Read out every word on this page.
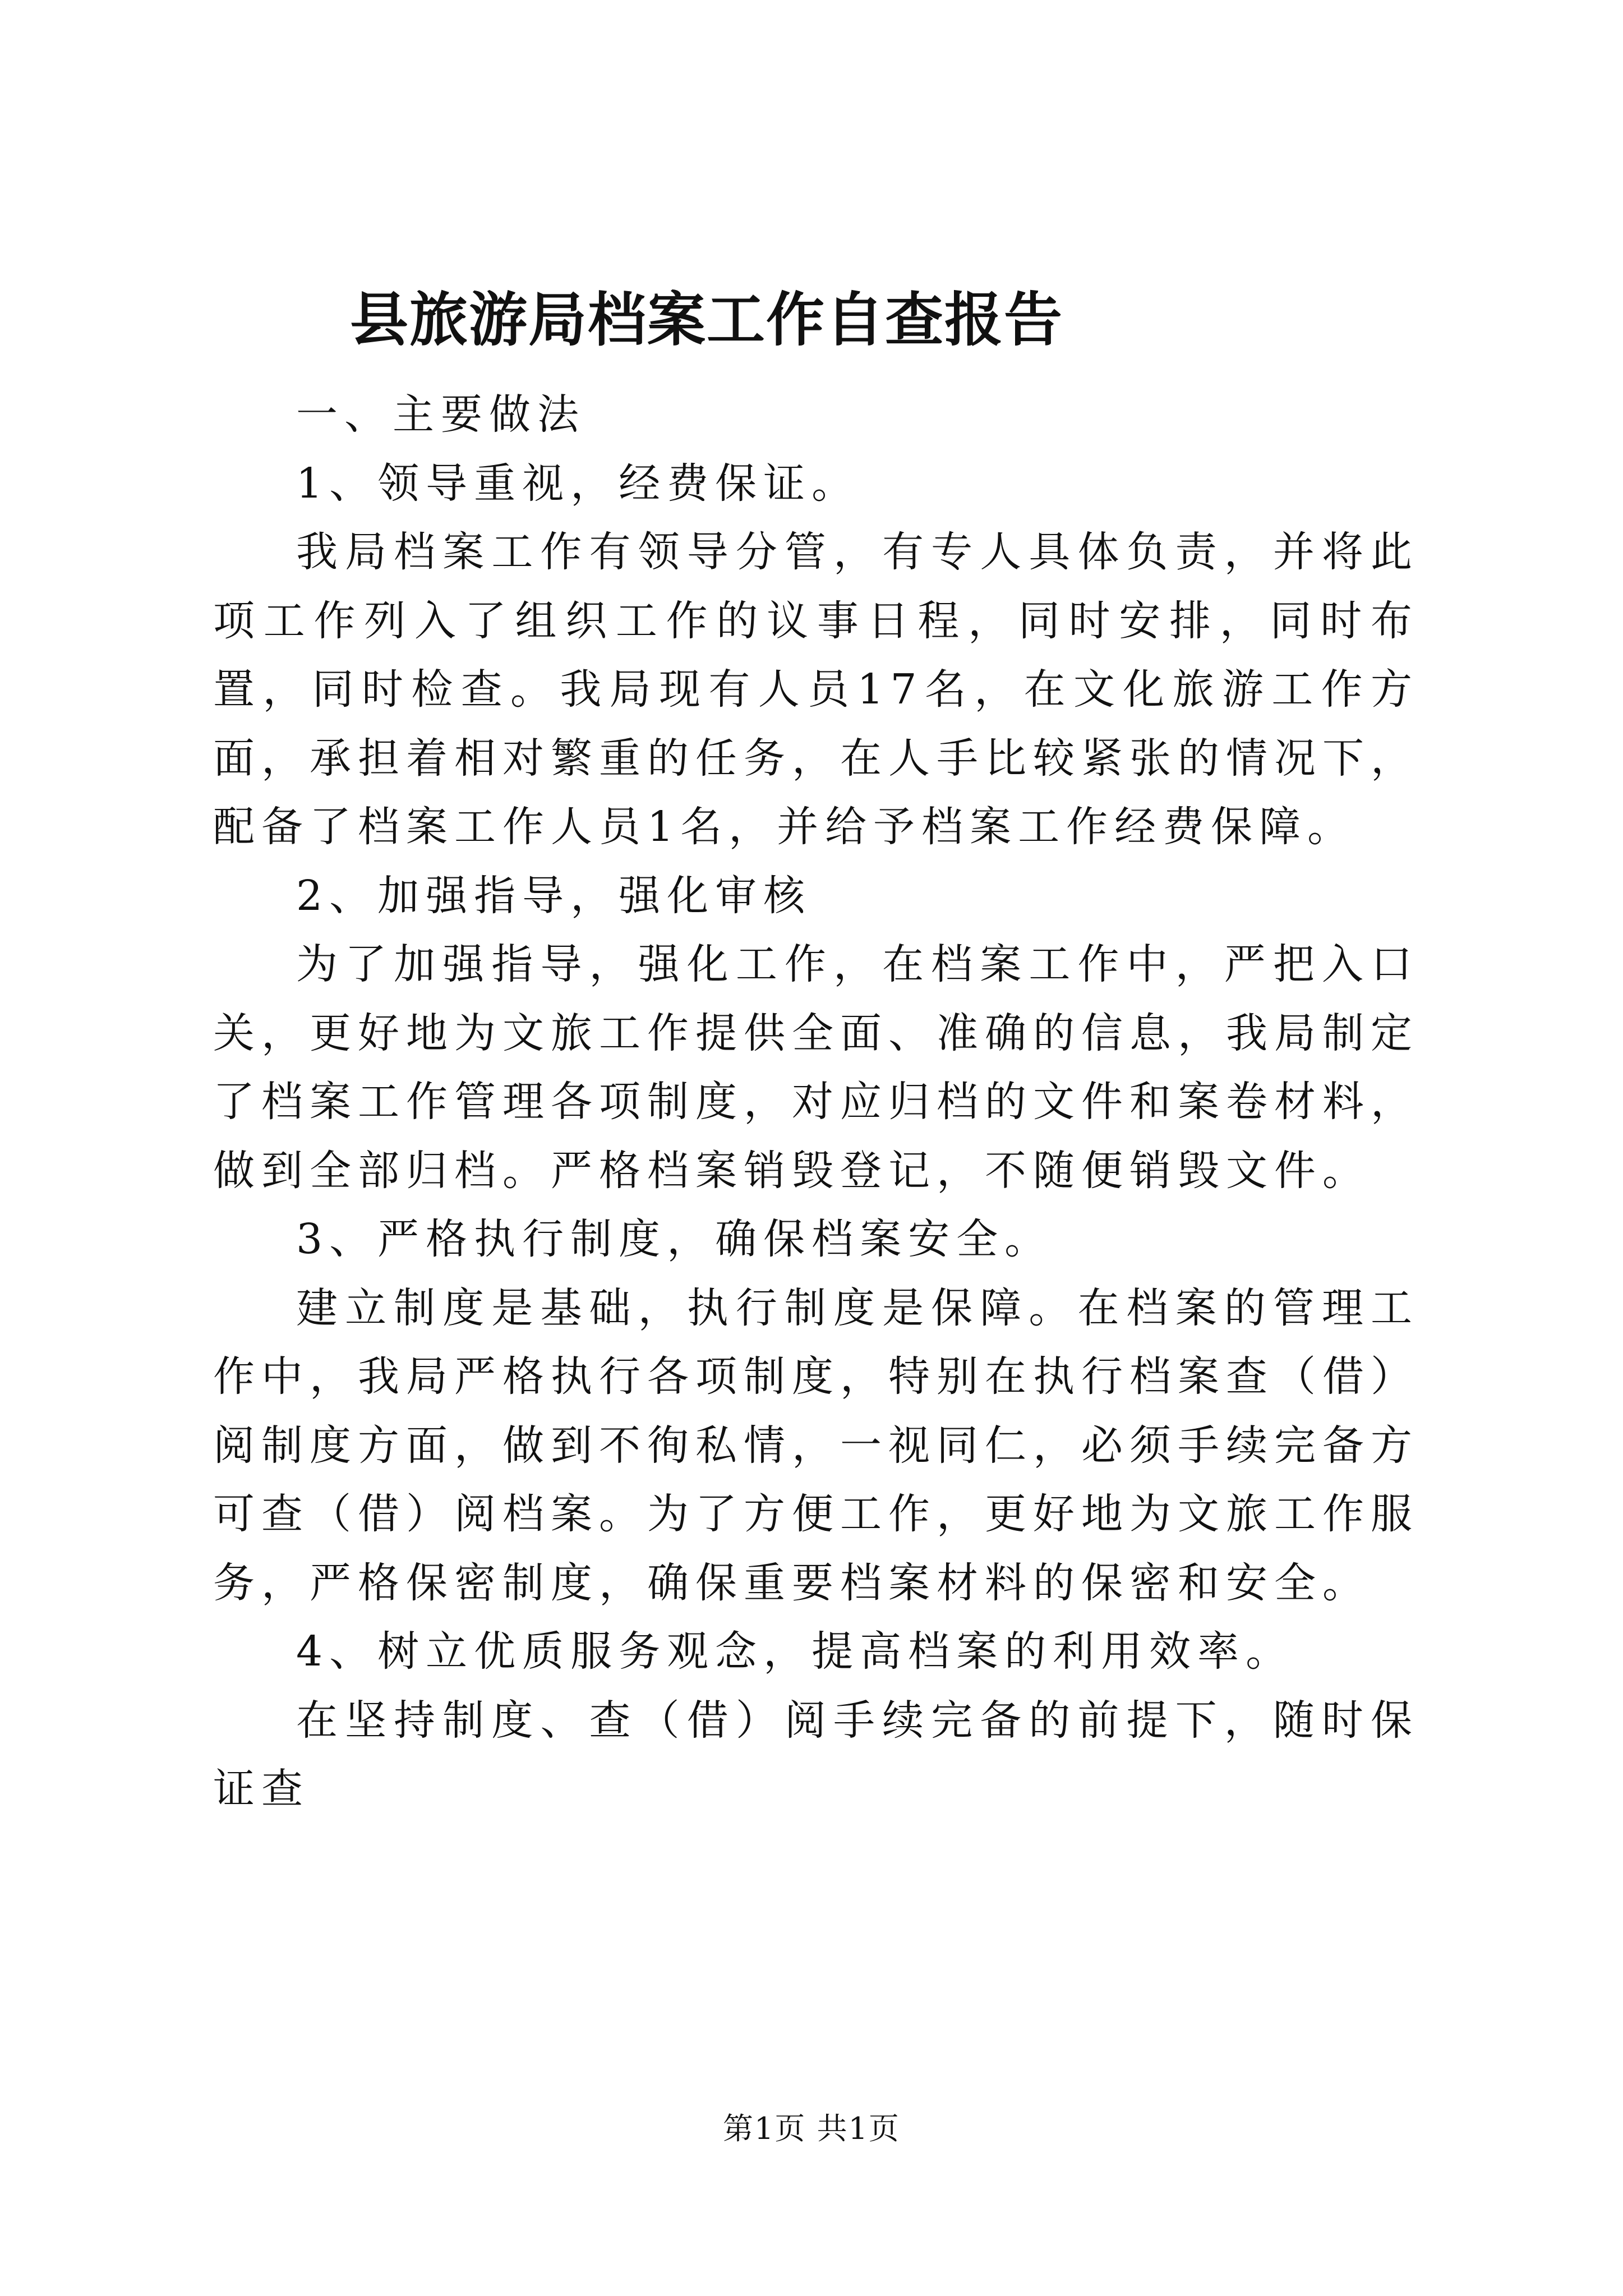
县旅游局档案工作自查报告

一、主要做法

1、领导重视，经费保证。

我局档案工作有领导分管，有专人具体负责，并将此项工作列入了组织工作的议事日程，同时安排，同时布置，同时检查。我局现有人员17名，在文化旅游工作方面，承担着相对繁重的任务，在人手比较紧张的情况下，配备了档案工作人员1名，并给予档案工作经费保障。

2、加强指导，强化审核

为了加强指导，强化工作，在档案工作中，严把入口关，更好地为文旅工作提供全面、准确的信息，我局制定了档案工作管理各项制度，对应归档的文件和案卷材料，做到全部归档。严格档案销毁登记，不随便销毁文件。

3、严格执行制度，确保档案安全。

建立制度是基础，执行制度是保障。在档案的管理工作中，我局严格执行各项制度，特别在执行档案查（借）阅制度方面，做到不徇私情，一视同仁，必须手续完备方可查（借）阅档案。为了方便工作，更好地为文旅工作服务，严格保密制度，确保重要档案材料的保密和安全。

4、树立优质服务观念，提高档案的利用效率。

在坚持制度、查（借）阅手续完备的前提下，随时保证查

第1页 共1页
